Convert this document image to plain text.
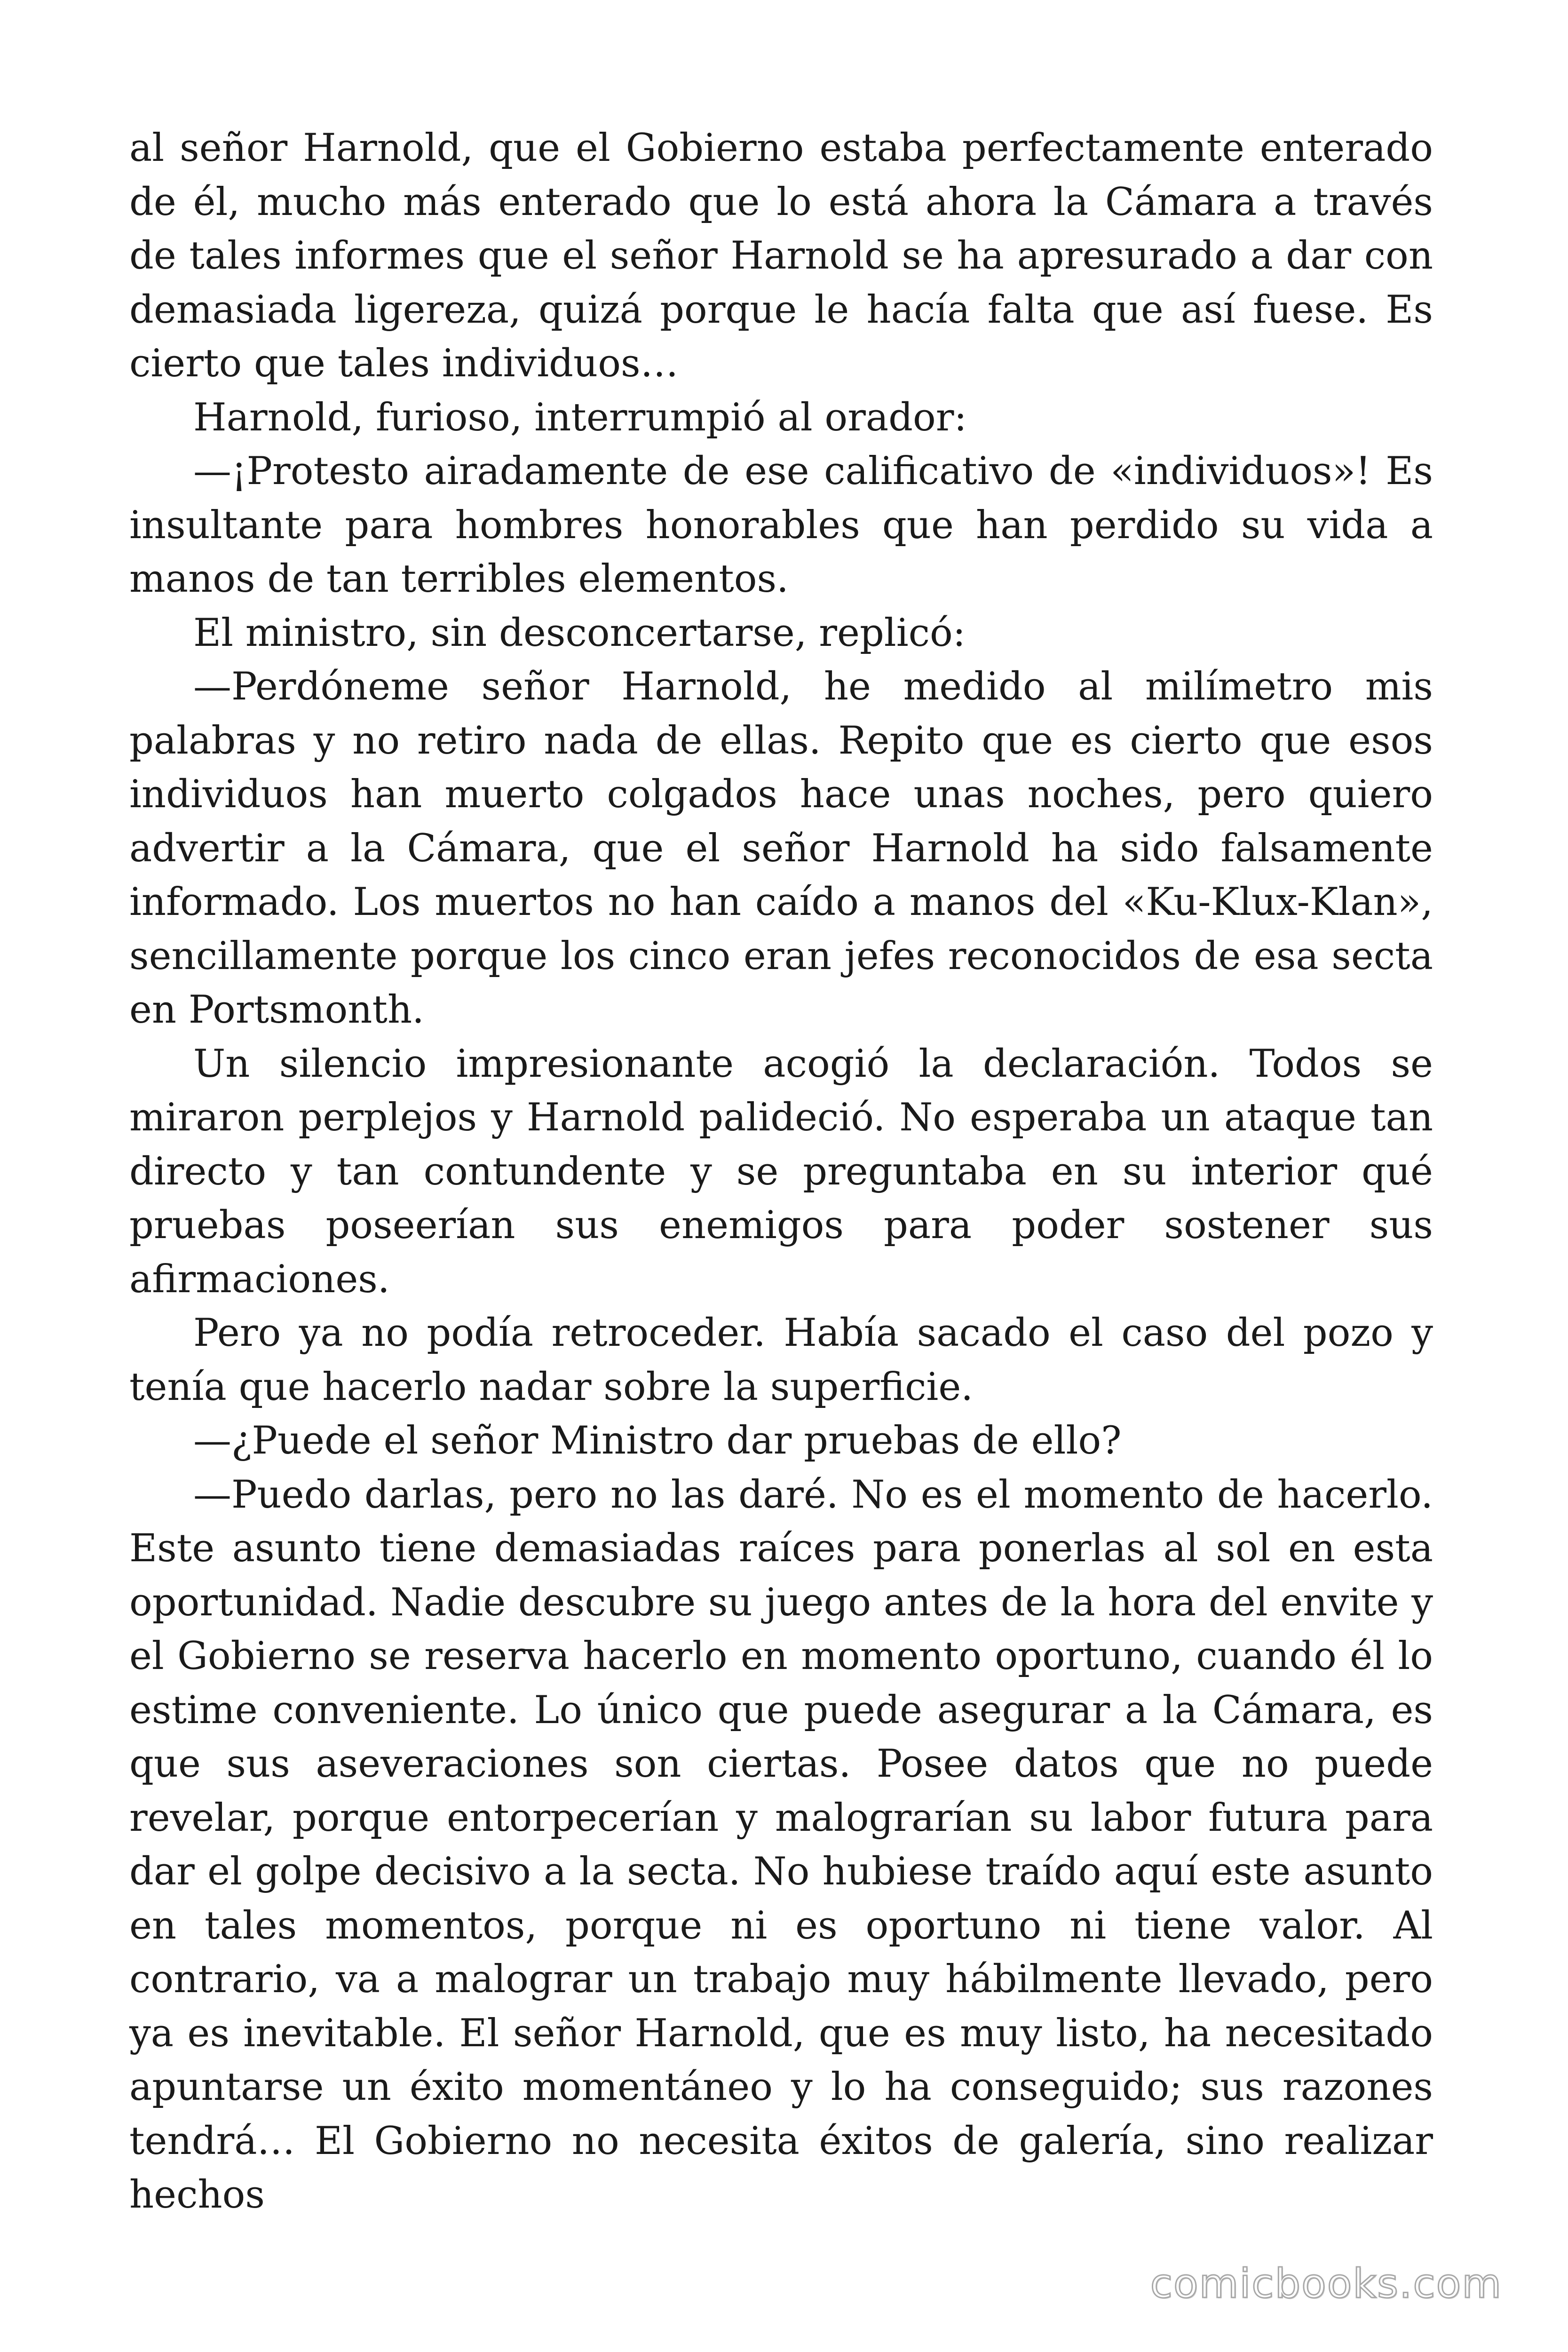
al señor Harnold, que el Gobierno estaba perfectamente enterado de él, mucho más enterado que lo está ahora la Cámara a través de tales informes que el señor Harnold se ha apresurado a dar con demasiada ligereza, quizá porque le hacía falta que así fuese. Es cierto que tales individuos…

Harnold, furioso, interrumpió al orador:

—¡Protesto airadamente de ese calificativo de «individuos»! Es insultante para hombres honorables que han perdido su vida a manos de tan terribles elementos.

El ministro, sin desconcertarse, replicó:

—Perdóneme señor Harnold, he medido al milímetro mis palabras y no retiro nada de ellas. Repito que es cierto que esos individuos han muerto colgados hace unas noches, pero quiero advertir a la Cámara, que el señor Harnold ha sido falsamente informado. Los muertos no han caído a manos del «Ku-Klux-Klan», sencillamente porque los cinco eran jefes reconocidos de esa secta en Portsmonth.

Un silencio impresionante acogió la declaración. Todos se miraron perplejos y Harnold palideció. No esperaba un ataque tan directo y tan contundente y se preguntaba en su interior qué pruebas poseerían sus enemigos para poder sostener sus afirmaciones.

Pero ya no podía retroceder. Había sacado el caso del pozo y tenía que hacerlo nadar sobre la superficie.

—¿Puede el señor Ministro dar pruebas de ello?

—Puedo darlas, pero no las daré. No es el momento de hacerlo. Este asunto tiene demasiadas raíces para ponerlas al sol en esta oportunidad. Nadie descubre su juego antes de la hora del envite y el Gobierno se reserva hacerlo en momento oportuno, cuando él lo estime conveniente. Lo único que puede asegurar a la Cámara, es que sus aseveraciones son ciertas. Posee datos que no puede revelar, porque entorpecerían y malograrían su labor futura para dar el golpe decisivo a la secta. No hubiese traído aquí este asunto en tales momentos, porque ni es oportuno ni tiene valor. Al contrario, va a malograr un trabajo muy hábilmente llevado, pero ya es inevitable. El señor Harnold, que es muy listo, ha necesitado apuntarse un éxito momentáneo y lo ha conseguido; sus razones tendrá… El Gobierno no necesita éxitos de galería, sino realizar hechos

comicbooks.com
